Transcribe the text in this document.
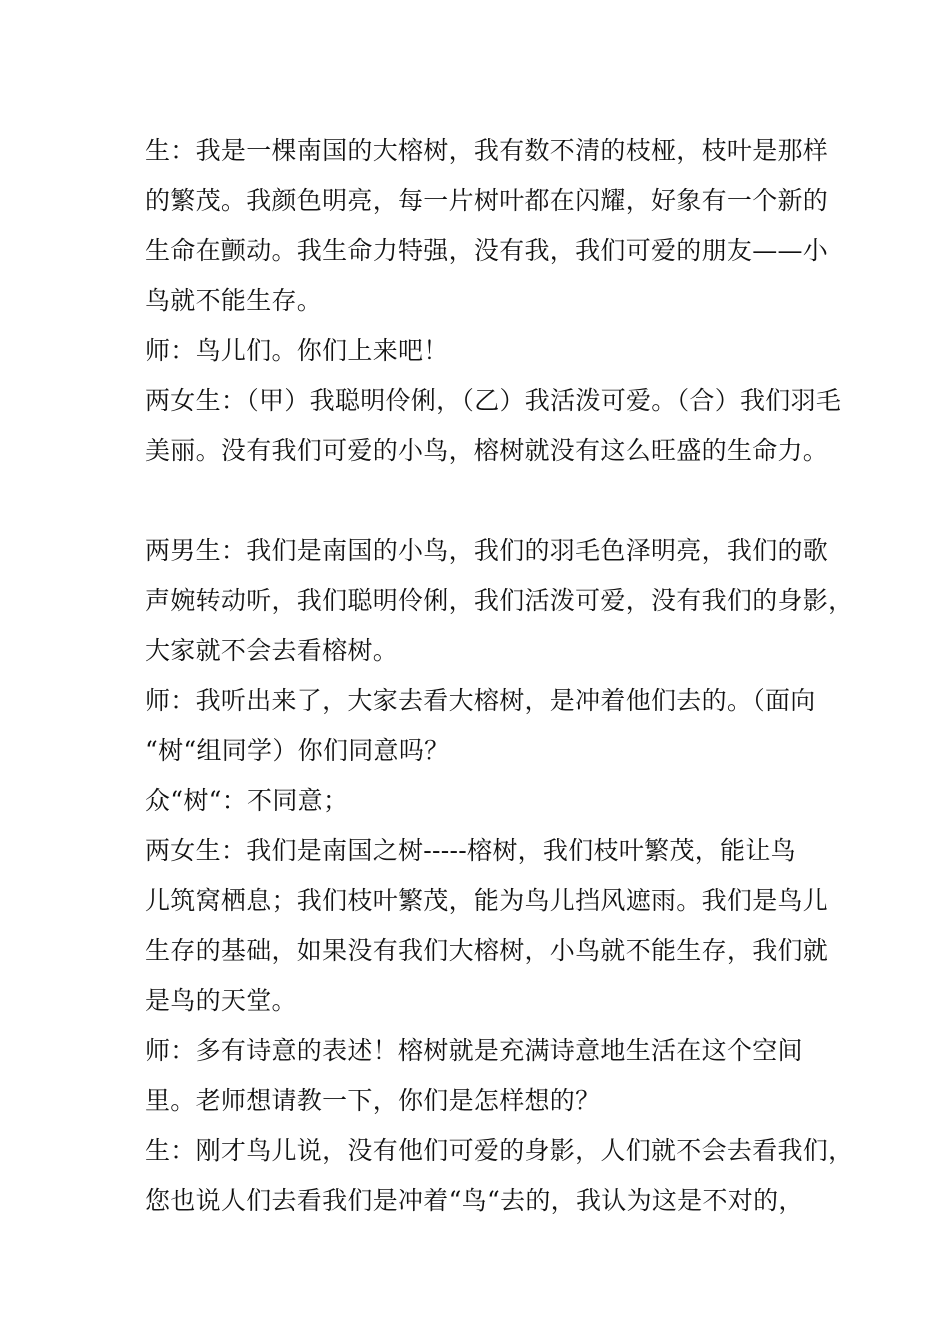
生：我是一棵南国的大榕树，我有数不清的枝桠，枝叶是那样
的繁茂。我颜色明亮，每一片树叶都在闪耀，好象有一个新的
生命在颤动。我生命力特强，没有我，我们可爱的朋友——小
鸟就不能生存。
师：鸟儿们。你们上来吧！
两女生：（甲）我聪明伶俐，（乙）我活泼可爱。（合）我们羽毛
美丽。没有我们可爱的小鸟，榕树就没有这么旺盛的生命力。
两男生：我们是南国的小鸟，我们的羽毛色泽明亮，我们的歌
声婉转动听，我们聪明伶俐，我们活泼可爱，没有我们的身影，
大家就不会去看榕树。
师：我听出来了，大家去看大榕树，是冲着他们去的。（面向
“树“组同学）你们同意吗？
众“树“：不同意；
两女生：我们是南国之树-----榕树，我们枝叶繁茂，能让鸟
儿筑窝栖息；我们枝叶繁茂，能为鸟儿挡风遮雨。我们是鸟儿
生存的基础，如果没有我们大榕树，小鸟就不能生存，我们就
是鸟的天堂。
师：多有诗意的表述！榕树就是充满诗意地生活在这个空间
里。老师想请教一下，你们是怎样想的？
生：刚才鸟儿说，没有他们可爱的身影，人们就不会去看我们，
您也说人们去看我们是冲着“鸟“去的，我认为这是不对的，
